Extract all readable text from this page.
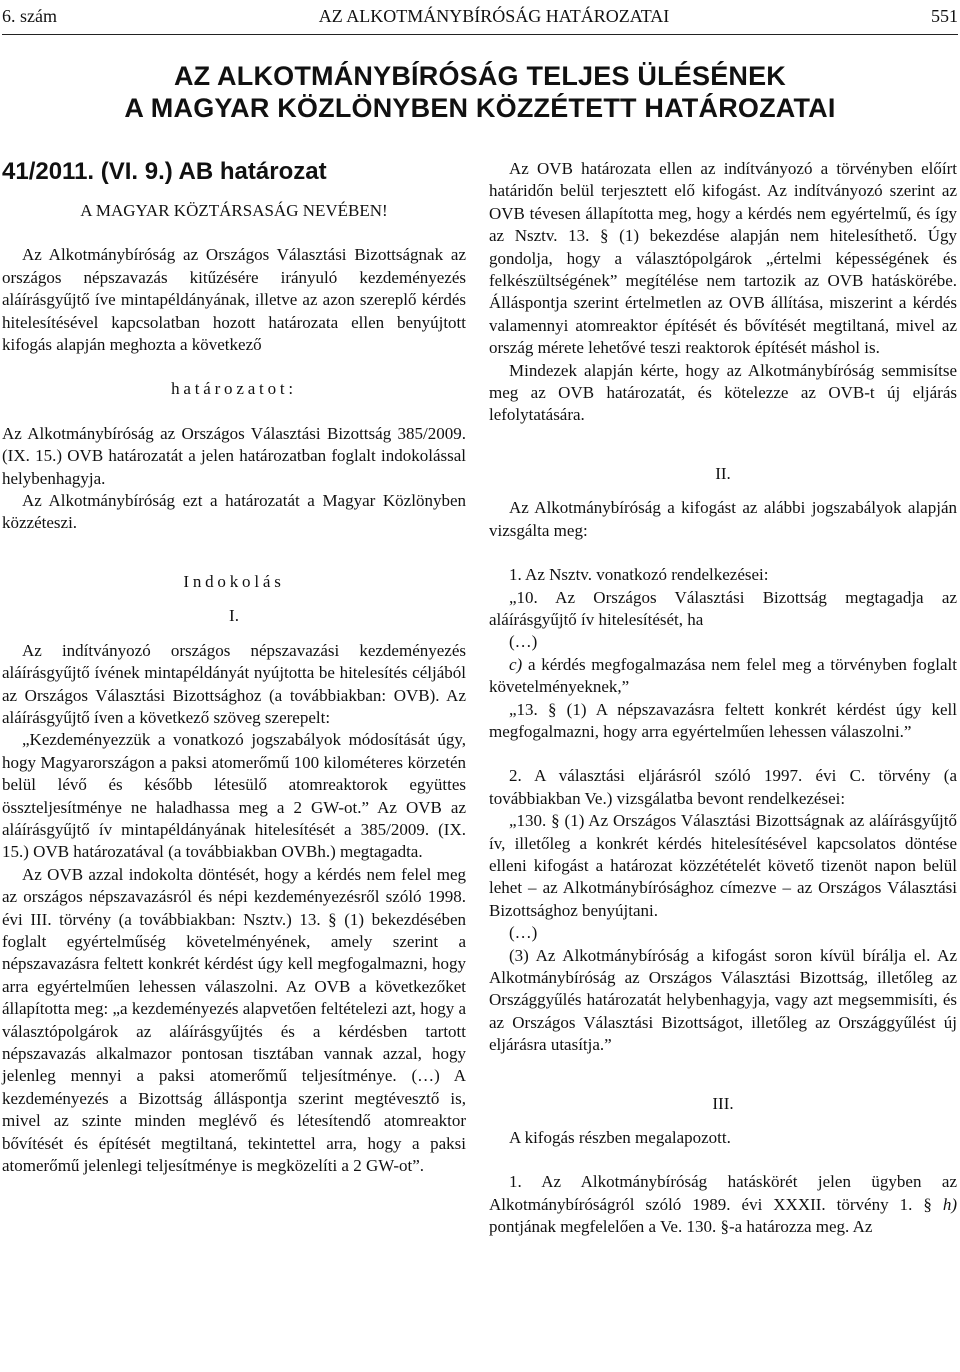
6. szám	AZ ALKOTMÁNYBÍRÓSÁG HATÁROZATAI	551
AZ ALKOTMÁNYBÍRÓSÁG TELJES ÜLÉSÉNEK
A MAGYAR KÖZLÖNYBEN KÖZZÉTETT HATÁROZATAI
41/2011. (VI. 9.) AB határozat

A MAGYAR KÖZTÁRSASÁG NEVÉBEN!

Az Alkotmánybíróság az Országos Választási Bizottságnak az országos népszavazás kitűzésére irányuló kezdeményezés aláírásgyűjtő íve mintapéldányának, illetve az azon szereplő kérdés hitelesítésével kapcsolatban hozott határozata ellen benyújtott kifogás alapján meghozta a következő

határozatot:

Az Alkotmánybíróság az Országos Választási Bizottság 385/2009. (IX. 15.) OVB határozatát a jelen határozatban foglalt indokolással helybenhagyja.

Az Alkotmánybíróság ezt a határozatát a Magyar Közlönyben közzéteszi.

Indokolás

I.

Az indítványozó országos népszavazási kezdeményezés aláírásgyűjtő ívének mintapéldányát nyújtotta be hitelesítés céljából az Országos Választási Bizottsághoz (a továbbiakban: OVB). Az aláírásgyűjtő íven a következő szöveg szerepelt:

„Kezdeményezzük a vonatkozó jogszabályok módosítását úgy, hogy Magyarországon a paksi atomerőmű 100 kilométeres körzetén belül lévő és később létesülő atomreaktorok együttes összteljesítménye ne haladhassa meg a 2 GW-ot.” Az OVB az aláírásgyűjtő ív mintapéldányának hitelesítését a 385/2009. (IX. 15.) OVB határozatával (a továbbiakban OVBh.) megtagadta.

Az OVB azzal indokolta döntését, hogy a kérdés nem felel meg az országos népszavazásról és népi kezdeményezésről szóló 1998. évi III. törvény (a továbbiakban: Nsztv.) 13. § (1) bekezdésében foglalt egyértelműség követelményének, amely szerint a népszavazásra feltett konkrét kérdést úgy kell megfogalmazni, hogy arra egyértelműen lehessen válaszolni. Az OVB a következőket állapította meg: „a kezdeményezés alapvetően feltételezi azt, hogy a választópolgárok az aláírásgyűjtés és a kérdésben tartott népszavazás alkalmazor pontosan tisztában vannak azzal, hogy jelenleg mennyi a paksi atomerőmű teljesítménye. (…) A kezdeményezés a Bizottság álláspontja szerint megtévesztő is, mivel az szinte minden meglévő és létesítendő atomreaktor bővítését és építését megtiltaná, tekintettel arra, hogy a paksi atomerőmű jelenlegi teljesítménye is megközelíti a 2 GW-ot”.

Az OVB határozata ellen az indítványozó a törvényben előírt határidőn belül terjesztett elő kifogást. Az indítványozó szerint az OVB tévesen állapította meg, hogy a kérdés nem egyértelmű, és így az Nsztv. 13. § (1) bekezdése alapján nem hitelesíthető. Úgy gondolja, hogy a választópolgárok „értelmi képességének és felkészültségének” megítélése nem tartozik az OVB hatáskörébe. Álláspontja szerint értelmetlen az OVB állítása, miszerint a kérdés valamennyi atomreaktor építését és bővítését megtiltaná, mivel az ország mérete lehetővé teszi reaktorok építését máshol is.

Mindezek alapján kérte, hogy az Alkotmánybíróság semmisítse meg az OVB határozatát, és kötelezze az OVB-t új eljárás lefolytatására.

II.

Az Alkotmánybíróság a kifogást az alábbi jogszabályok alapján vizsgálta meg:

1. Az Nsztv. vonatkozó rendelkezései:

„10. Az Országos Választási Bizottság megtagadja az aláírásgyűjtő ív hitelesítését, ha

(…)

c) a kérdés megfogalmazása nem felel meg a törvényben foglalt követelményeknek,”

„13. § (1) A népszavazásra feltett konkrét kérdést úgy kell megfogalmazni, hogy arra egyértelműen lehessen válaszolni.”

2. A választási eljárásról szóló 1997. évi C. törvény (a továbbiakban Ve.) vizsgálatba bevont rendelkezései:

„130. § (1) Az Országos Választási Bizottságnak az aláírásgyűjtő ív, illetőleg a konkrét kérdés hitelesítésével kapcsolatos döntése elleni kifogást a határozat közzétételét követő tizenöt napon belül lehet – az Alkotmánybírósághoz címezve – az Országos Választási Bizottsághoz benyújtani.

(…)

(3) Az Alkotmánybíróság a kifogást soron kívül bírálja el. Az Alkotmánybíróság az Országos Választási Bizottság, illetőleg az Országgyűlés határozatát helybenhagyja, vagy azt megsemmisíti, és az Országos Választási Bizottságot, illetőleg az Országgyűlést új eljárásra utasítja.”

III.

A kifogás részben megalapozott.

1. Az Alkotmánybíróság hatáskörét jelen ügyben az Alkotmánybíróságról szóló 1989. évi XXXII. törvény 1. § h) pontjának megfelelően a Ve. 130. §-a határozza meg. Az
